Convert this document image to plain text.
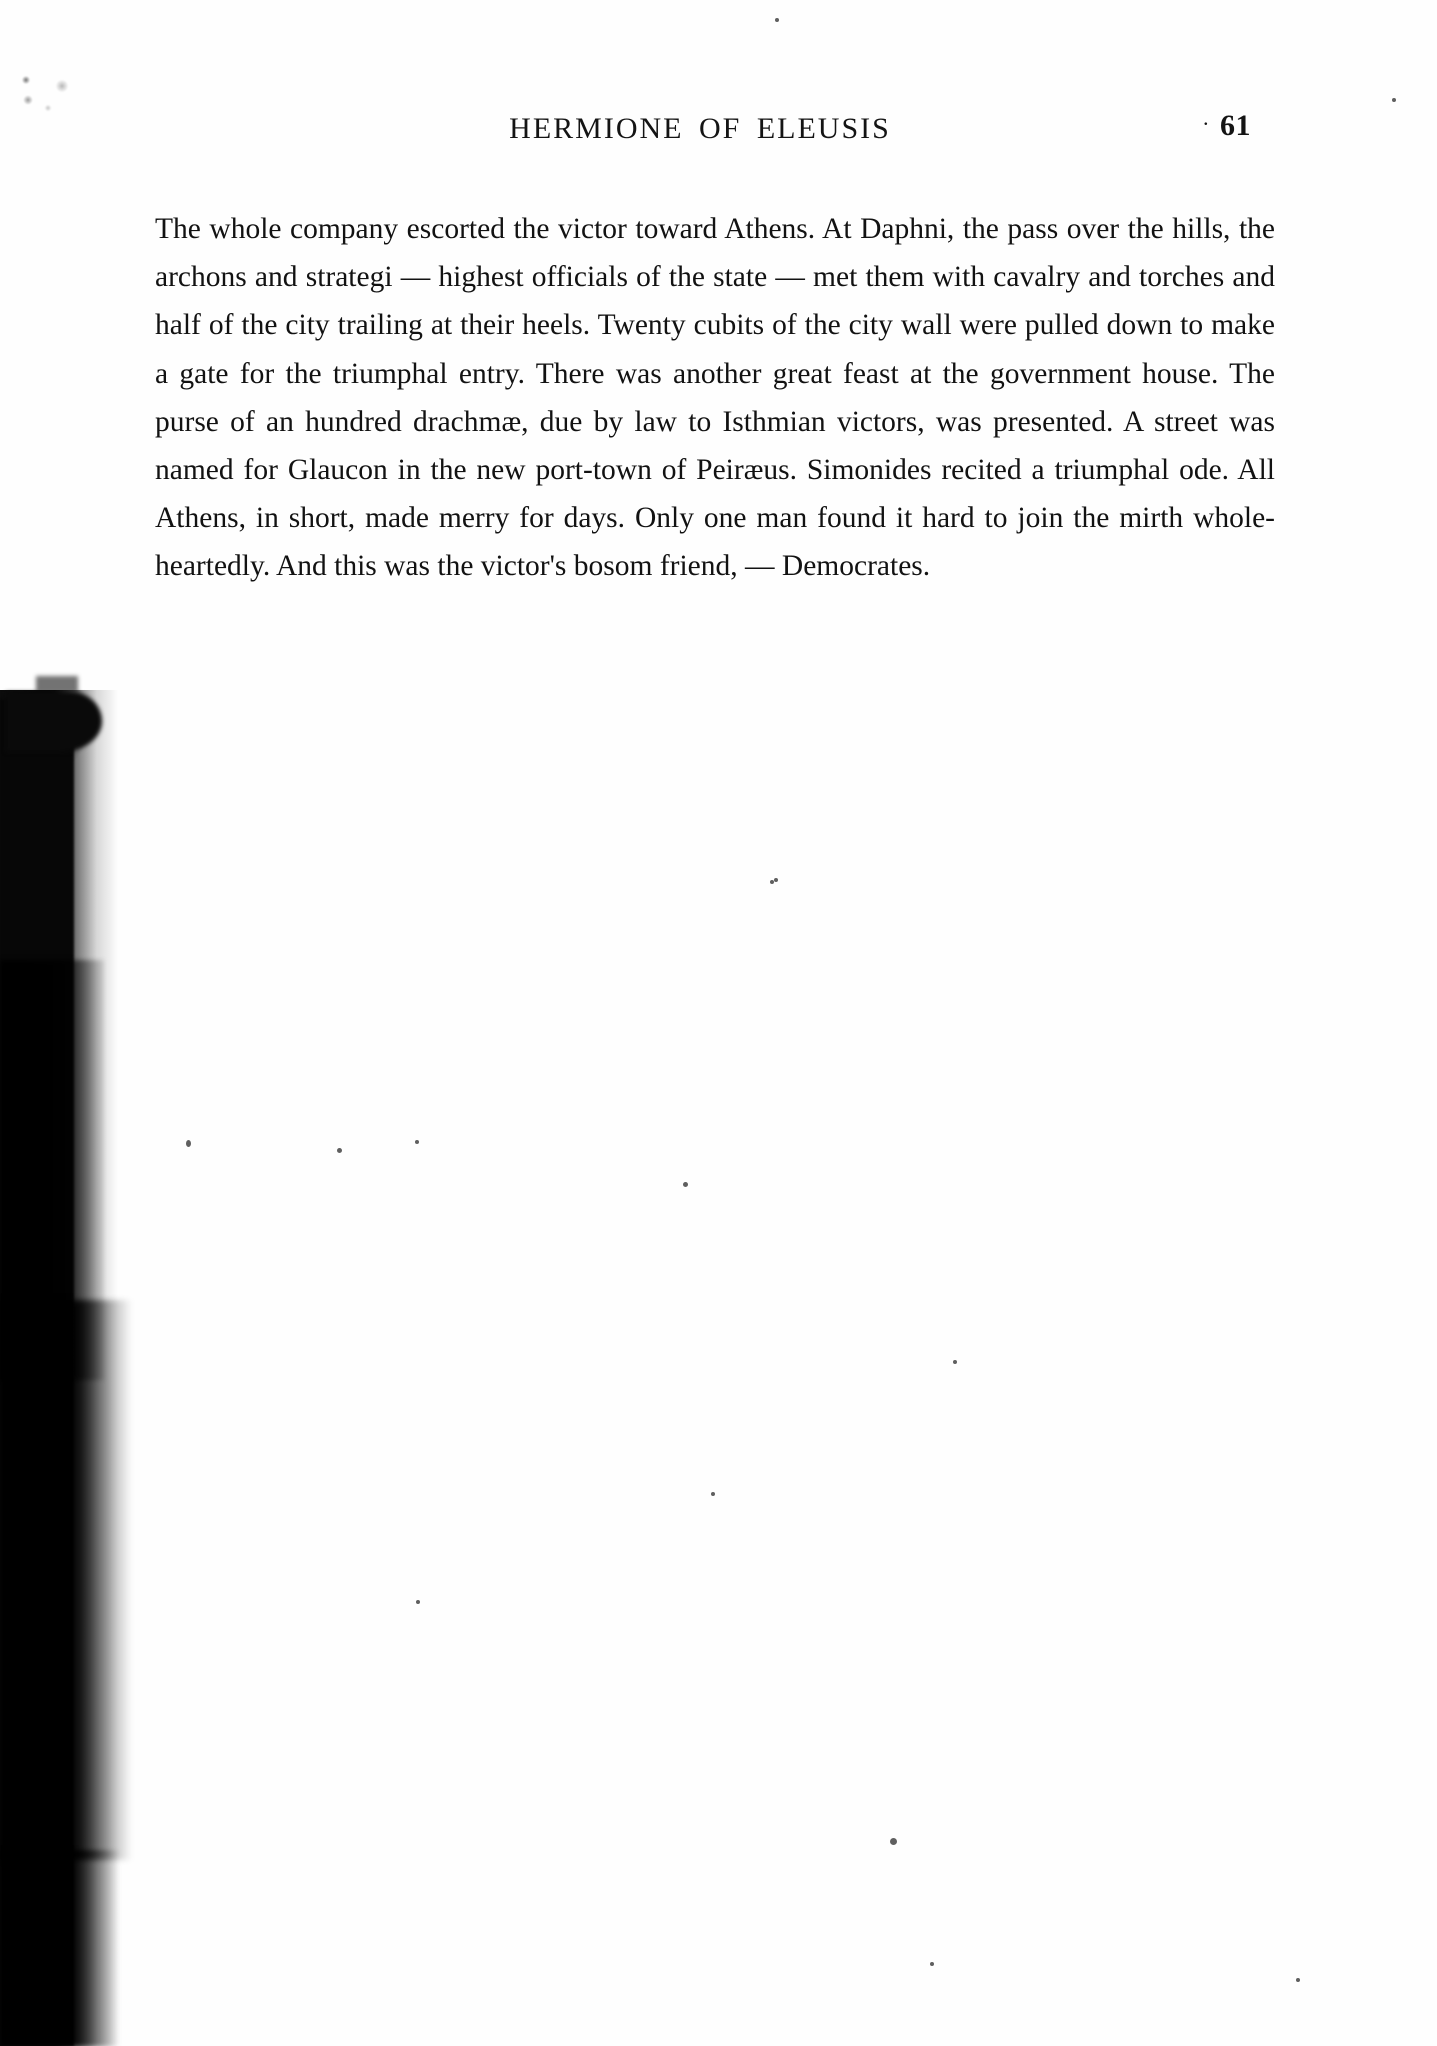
HERMIONE OF ELEUSIS	· 61

The whole company escorted the victor toward Athens. At Daphni, the pass over the hills, the archons and strategi — highest officials of the state — met them with cavalry and torches and half of the city trailing at their heels. Twenty cubits of the city wall were pulled down to make a gate for the triumphal entry. There was another great feast at the government house. The purse of an hundred drachmæ, due by law to Isthmian victors, was presented. A street was named for Glaucon in the new port-town of Peiræus. Simonides recited a triumphal ode. All Athens, in short, made merry for days. Only one man found it hard to join the mirth whole-heartedly. And this was the victor's bosom friend, — Democrates.
